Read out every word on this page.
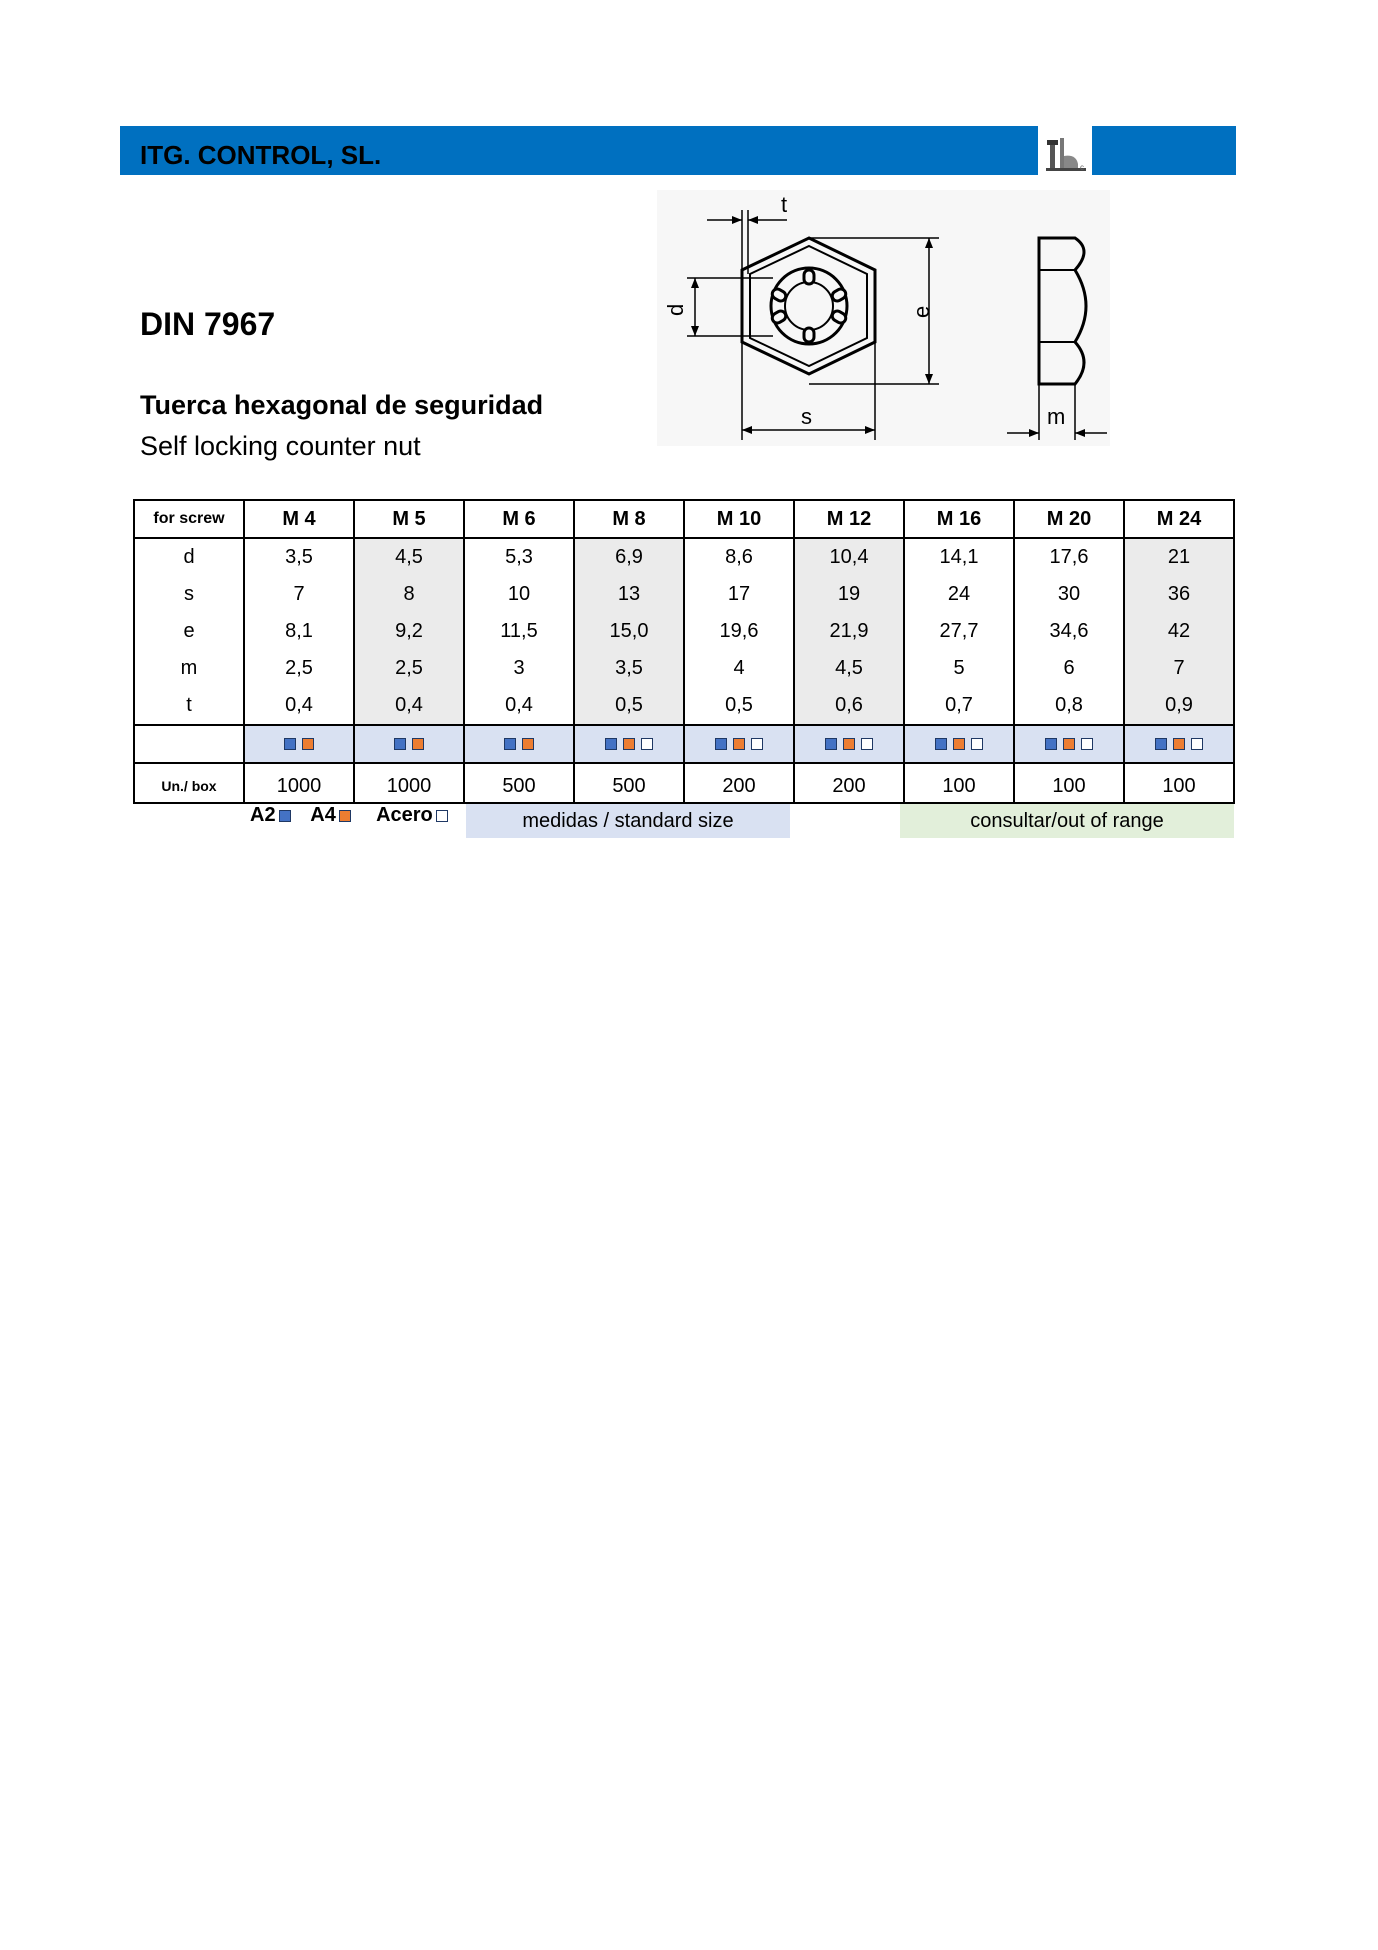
ITG. CONTROL, SL.	c
DIN 7967
Tuerca hexagonal de seguridad
Self locking counter nut
t
d	e
s	m
for screw	M 4	M 5	M 6	M 8	M 10	M 12	M 16	M 20	M 24
d	3,5	4,5	5,3	6,9	8,6	10,4	14,1	17,6	21
s	7	8	10	13	17	19	24	30	36
e	8,1	9,2	11,5	15,0	19,6	21,9	27,7	34,6	42
m	2,5	2,5	3	3,5	4	4,5	5	6	7
t	0,4	0,4	0,4	0,5	0,5	0,6	0,7	0,8	0,9

Un./ box	1000	1000	500	500	200	200	100	100	100
A2 A4 Acero	medidas / standard size	consultar/out of range
